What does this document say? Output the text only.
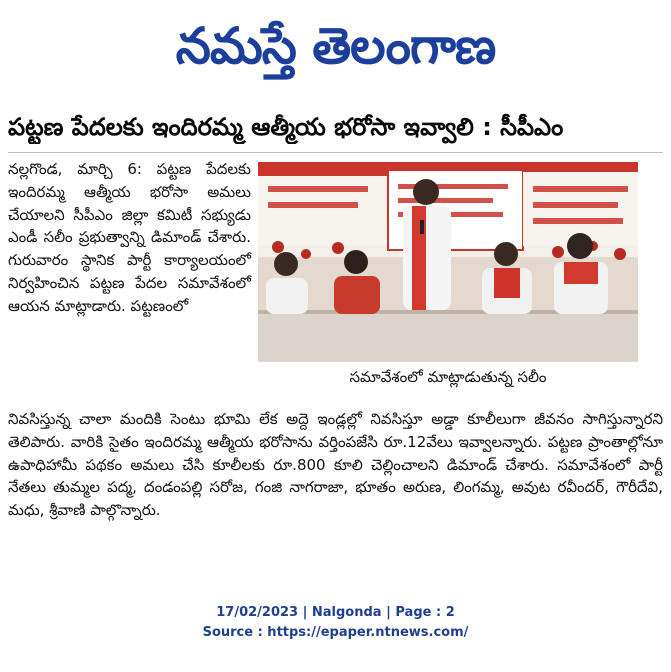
నమస్తే తెలంగాణ
పట్టణ పేదలకు ఇందిరమ్మ ఆత్మీయ భరోసా ఇవ్వాలి : సీపీఎం
నల్లగొండ, మార్చి 6: పట్టణ పేదలకు ఇందిరమ్మ ఆత్మీయ భరోసా అమలు చేయాలని సీపీఎం జిల్లా కమిటీ సభ్యుడు ఎండీ సలీం ప్రభుత్వాన్ని డిమాండ్ చేశారు. గురువారం స్థానిక పార్టీ కార్యాలయంలో నిర్వహించిన పట్టణ పేదల సమావేశంలో ఆయన మాట్లాడారు. పట్టణంలో
సమావేశంలో మాట్లాడుతున్న సలీం
నివసిస్తున్న చాలా మందికి సెంటు భూమి లేక అద్దె ఇండ్లల్లో నివసిస్తూ అడ్డా కూలీలుగా జీవనం సాగిస్తున్నారని తెలిపారు. వారికి సైతం ఇందిరమ్మ ఆత్మీయ భరోసాను వర్తింపజేసి రూ.12వేలు ఇవ్వాలన్నారు. పట్టణ ప్రాంతాల్లోనూ ఉపాధిహామీ పథకం అమలు చేసి కూలీలకు రూ.800 కూలి చెల్లించాలని డిమాండ్ చేశారు. సమావేశంలో పార్టీ నేతలు తుమ్మల పద్మ, దండంపల్లి సరోజ, గంజి నాగరాజా, భూతం అరుణ, లింగమ్మ, అవుట రవీందర్, గౌరీదేవి, మధు, శ్రీవాణి పాల్గొన్నారు.
17/02/2023 | Nalgonda | Page : 2
Source : https://epaper.ntnews.com/
